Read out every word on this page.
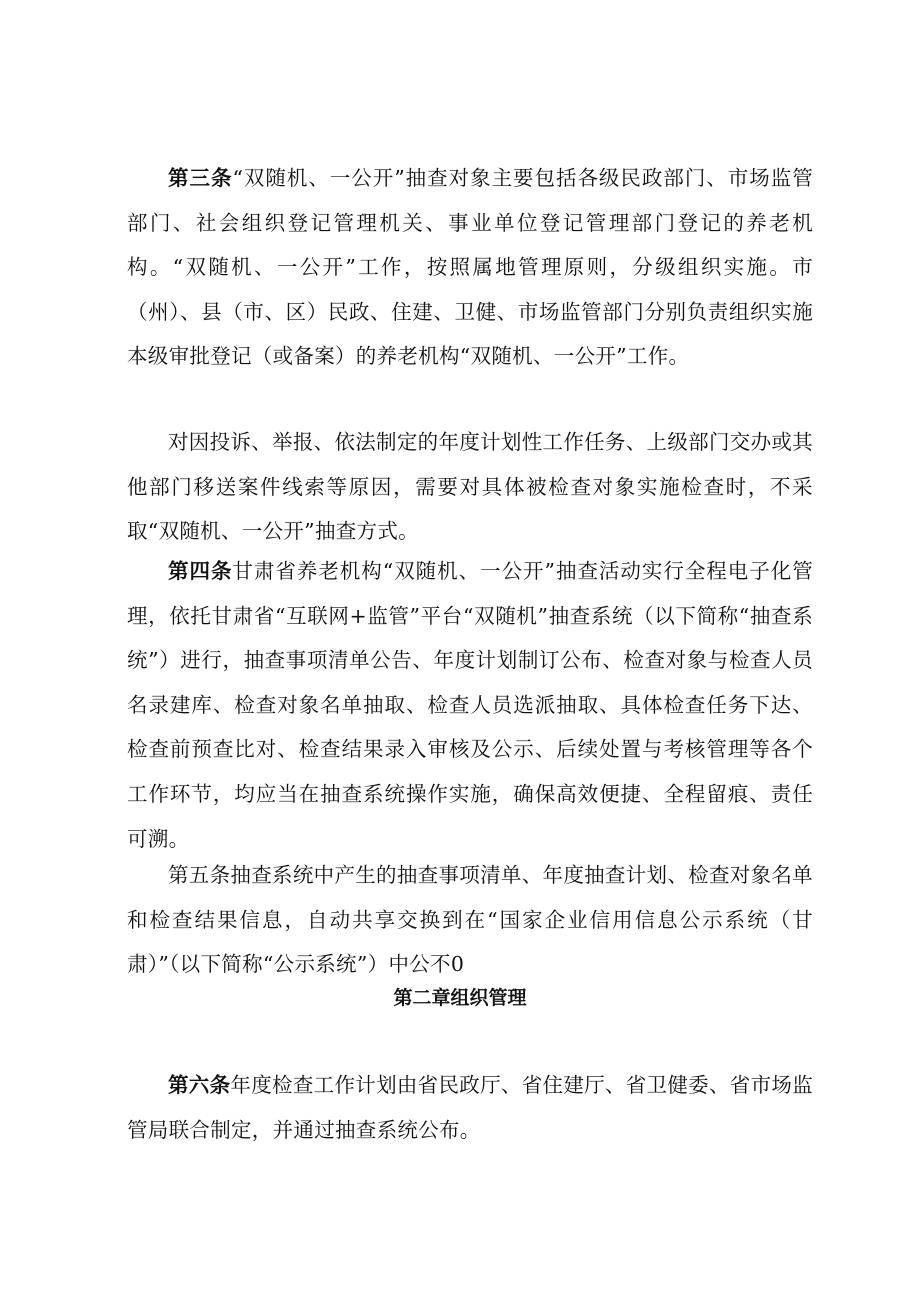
第三条“双随机、一公开”抽查对象主要包括各级民政部门、市场监管部门、社会组织登记管理机关、事业单位登记管理部门登记的养老机构。“双随机、一公开”工作，按照属地管理原则，分级组织实施。市（州）、县（市、区）民政、住建、卫健、市场监管部门分别负责组织实施本级审批登记（或备案）的养老机构“双随机、一公开”工作。

对因投诉、举报、依法制定的年度计划性工作任务、上级部门交办或其他部门移送案件线索等原因，需要对具体被检查对象实施检查时，不采取“双随机、一公开”抽查方式。

第四条甘肃省养老机构“双随机、一公开”抽查活动实行全程电子化管理，依托甘肃省“互联网+监管”平台“双随机”抽查系统（以下简称“抽查系统”）进行，抽查事项清单公告、年度计划制订公布、检查对象与检查人员名录建库、检查对象名单抽取、检查人员选派抽取、具体检查任务下达、检查前预查比对、检查结果录入审核及公示、后续处置与考核管理等各个工作环节，均应当在抽查系统操作实施，确保高效便捷、全程留痕、责任可溯。

第五条抽查系统中产生的抽查事项清单、年度抽查计划、检查对象名单和检查结果信息，自动共享交换到在“国家企业信用信息公示系统（甘肃）”（以下简称“公示系统”）中公不0

第二章组织管理

第六条年度检查工作计划由省民政厅、省住建厅、省卫健委、省市场监管局联合制定，并通过抽查系统公布。
